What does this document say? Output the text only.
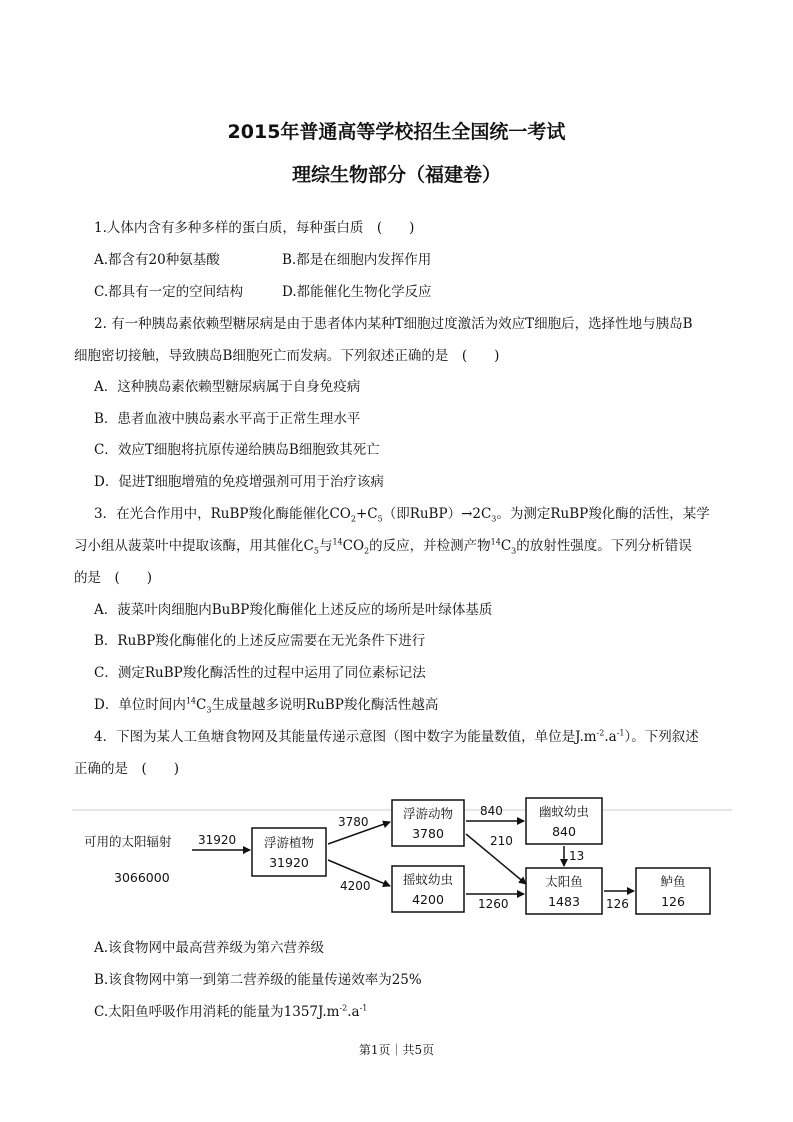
2015年普通高等学校招生全国统一考试
理综生物部分（福建卷）
1.人体内含有多种多样的蛋白质，每种蛋白质　(　　)
A.都含有20种氨基酸	B.都是在细胞内发挥作用
C.都具有一定的空间结构	D.都能催化生物化学反应
2. 有一种胰岛素依赖型糖尿病是由于患者体内某种T细胞过度激活为效应T细胞后，选择性地与胰岛B
细胞密切接触，导致胰岛B细胞死亡而发病。下列叙述正确的是　(　　)
A．这种胰岛素依赖型糖尿病属于自身免疫病
B．患者血液中胰岛素水平高于正常生理水平
C．效应T细胞将抗原传递给胰岛B细胞致其死亡
D．促进T细胞增殖的免疫增强剂可用于治疗该病
3．在光合作用中，RuBP羧化酶能催化$CO_2+C_5$（即$RuBP)\to 2C_3$。为测定RuBP羧化酶的活性，某学
习小组从菠菜叶中提取该酶，用其催化$C_5$与$^{14}CO_2$的反应，并检测产物$^{14}C_3$的放射性强度。下列分析错误
的是　(　　)
A．菠菜叶肉细胞内BuBP羧化酶催化上述反应的场所是叶绿体基质
B．RuBP羧化酶催化的上述反应需要在无光条件下进行
C．测定RuBP羧化酶活性的过程中运用了同位素标记法
D．单位时间内$^{14}C_3$生成量越多说明RuBP羧化酶活性越高
4．下图为某人工鱼塘食物网及其能量传递示意图（图中数字为能量数值，单位是$J.m^{-2}.a^{-1}$）。下列叙述
正确的是　(　　)
可用的太阳辐射
3066000
31920 浮游植物
31920
3780
4200
浮游动物
3780
摇蚊幼虫
4200
840
210
1260
幽蚊幼虫
840
13
太阳鱼
1483 126
鲈鱼
126
A.该食物网中最高营养级为第六营养级
B.该食物网中第一到第二营养级的能量传递效率为25%
C.太阳鱼呼吸作用消耗的能量为$1357J.m^{-2}.a^{-1}$
第1页｜共5页
